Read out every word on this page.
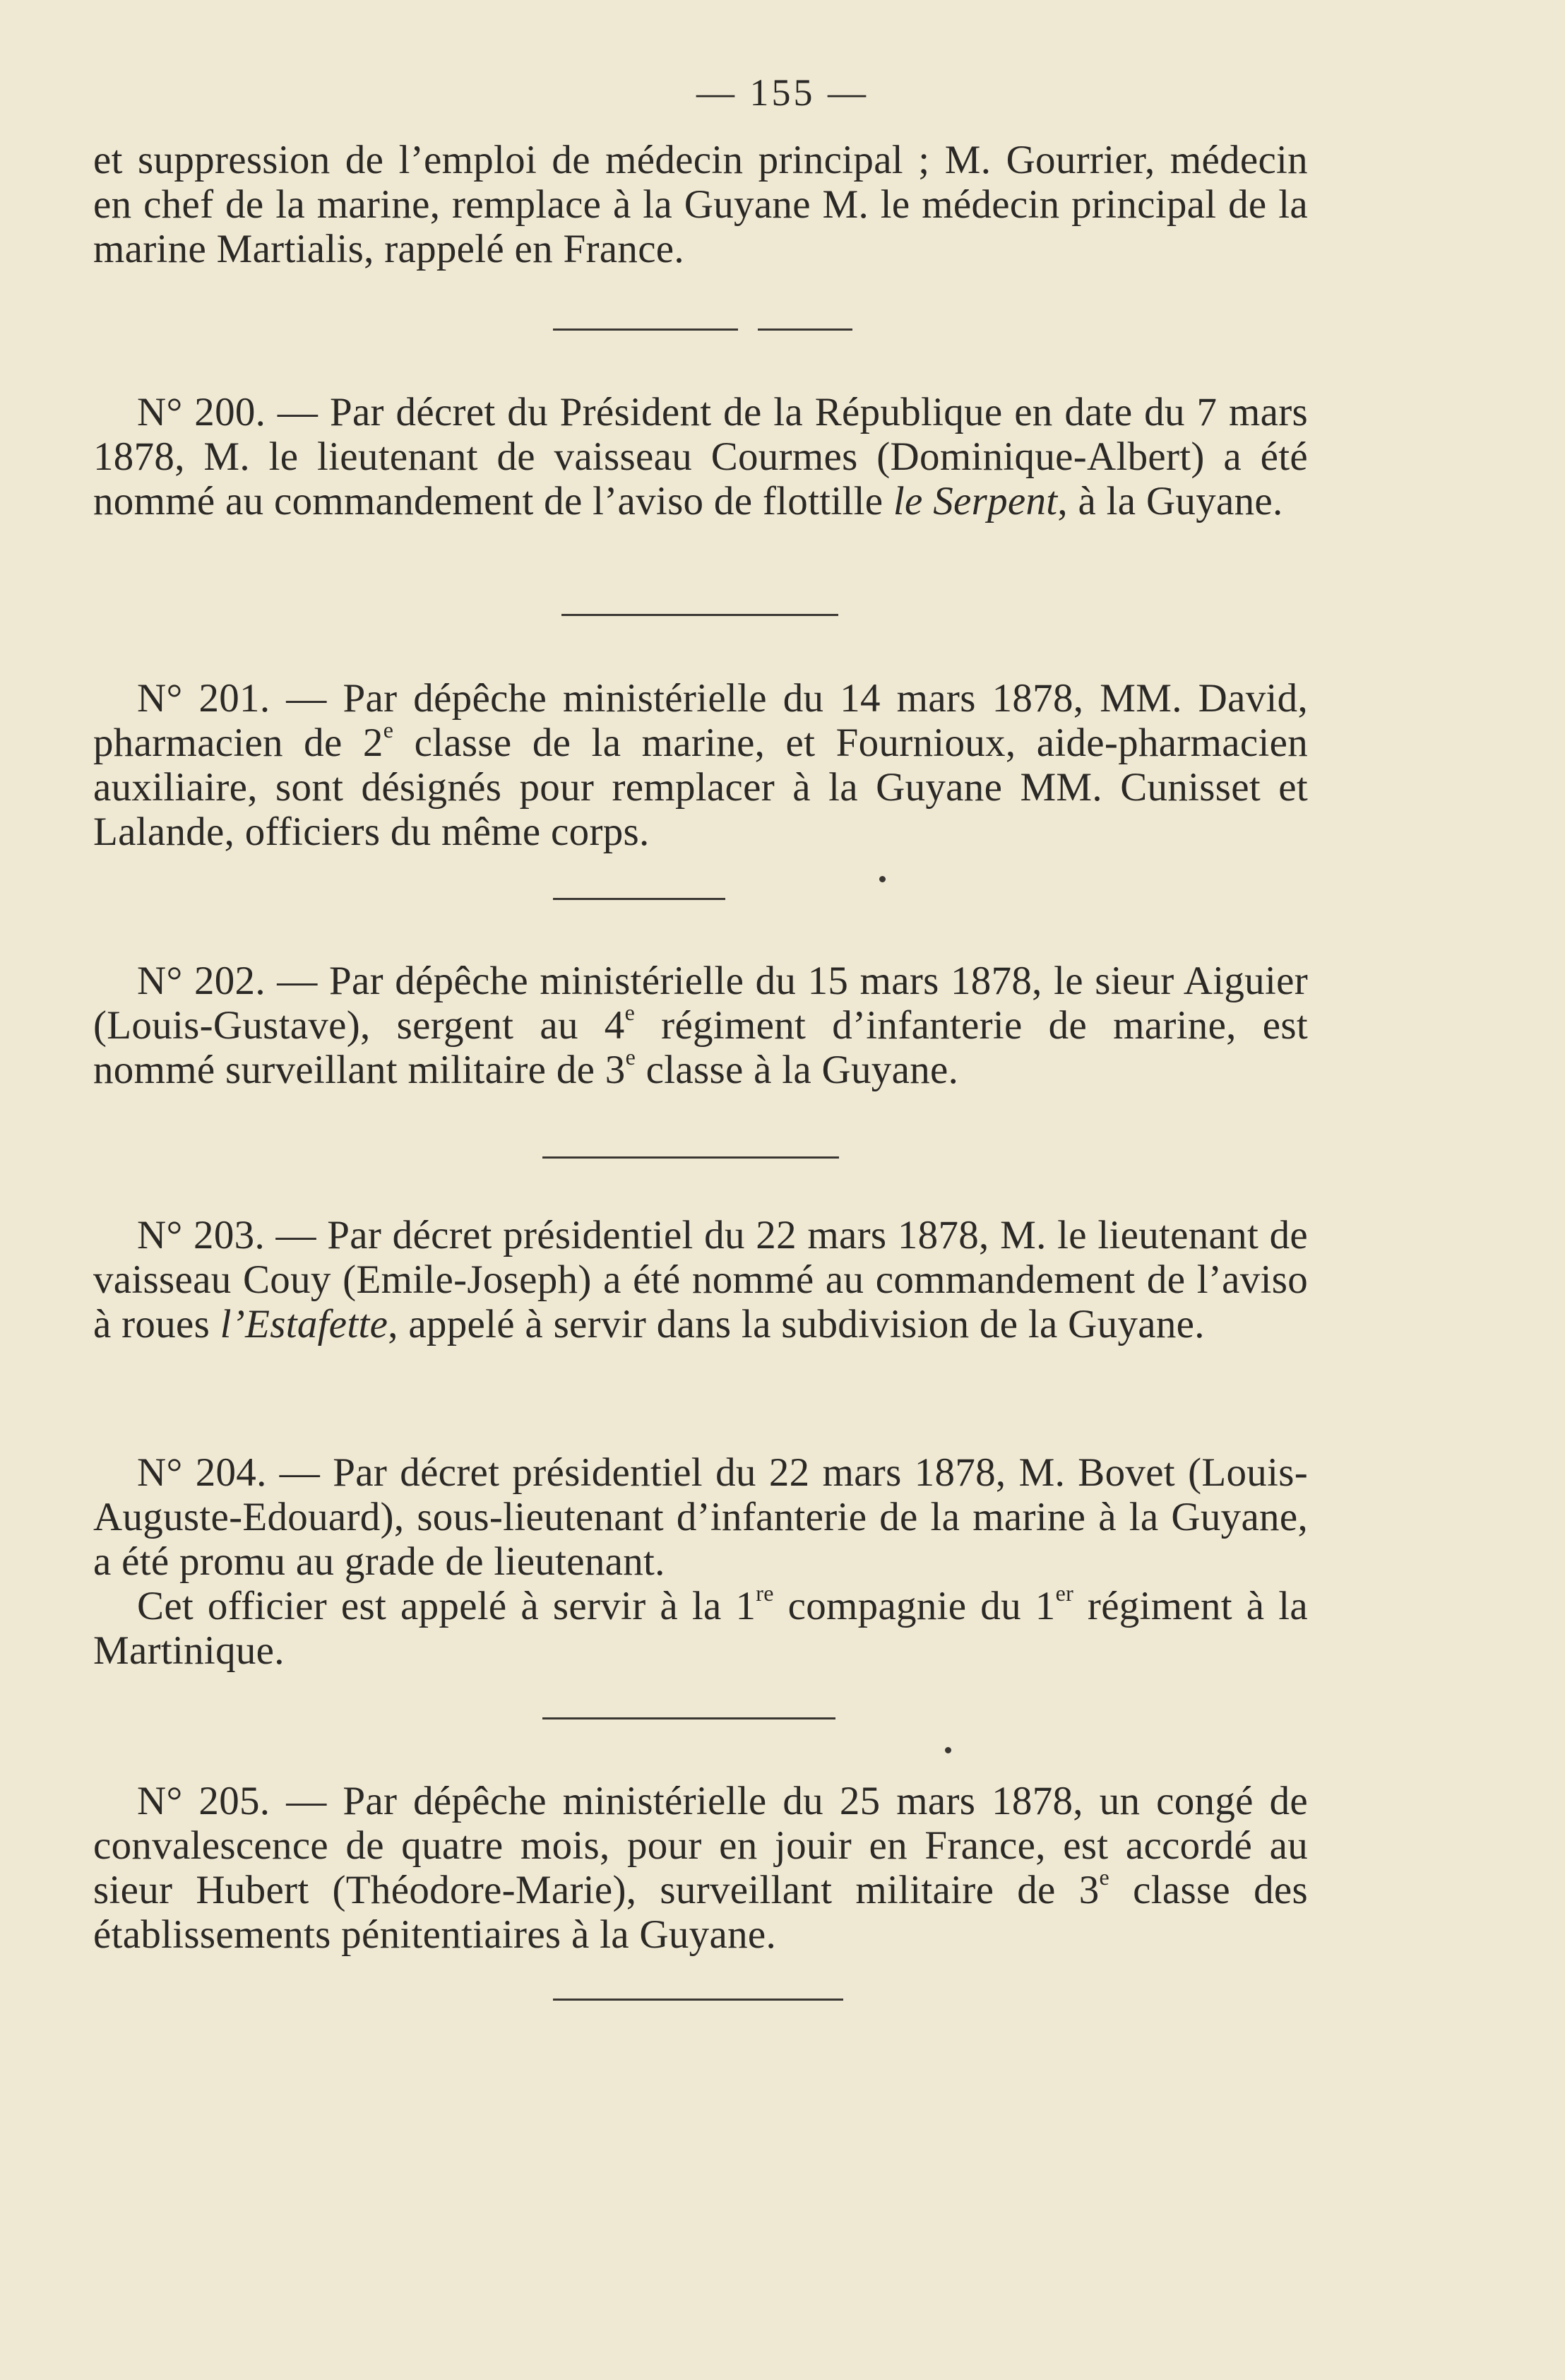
— 155 —

et suppression de l’emploi de médecin principal ; M. Gourrier, médecin en chef de la marine, remplace à la Guyane M. le médecin principal de la marine Martialis, rappelé en France.

N° 200. — Par décret du Président de la République en date du 7 mars 1878, M. le lieutenant de vaisseau Courmes (Dominique-Albert) a été nommé au commandement de l’aviso de flottille le Serpent, à la Guyane.

N° 201. — Par dépêche ministérielle du 14 mars 1878, MM. David, pharmacien de 2e classe de la marine, et Fournioux, aide-pharmacien auxiliaire, sont désignés pour remplacer à la Guyane MM. Cunisset et Lalande, officiers du même corps.

N° 202. — Par dépêche ministérielle du 15 mars 1878, le sieur Aiguier (Louis-Gustave), sergent au 4e régiment d’infanterie de marine, est nommé surveillant militaire de 3e classe à la Guyane.

N° 203. — Par décret présidentiel du 22 mars 1878, M. le lieutenant de vaisseau Couy (Emile-Joseph) a été nommé au commandement de l’aviso à roues l’Estafette, appelé à servir dans la subdivision de la Guyane.

N° 204. — Par décret présidentiel du 22 mars 1878, M. Bovet (Louis-Auguste-Edouard), sous-lieutenant d’infanterie de la marine à la Guyane, a été promu au grade de lieutenant.

Cet officier est appelé à servir à la 1re compagnie du 1er régiment à la Martinique.

N° 205. — Par dépêche ministérielle du 25 mars 1878, un congé de convalescence de quatre mois, pour en jouir en France, est accordé au sieur Hubert (Théodore-Marie), surveillant militaire de 3e classe des établissements pénitentiaires à la Guyane.
